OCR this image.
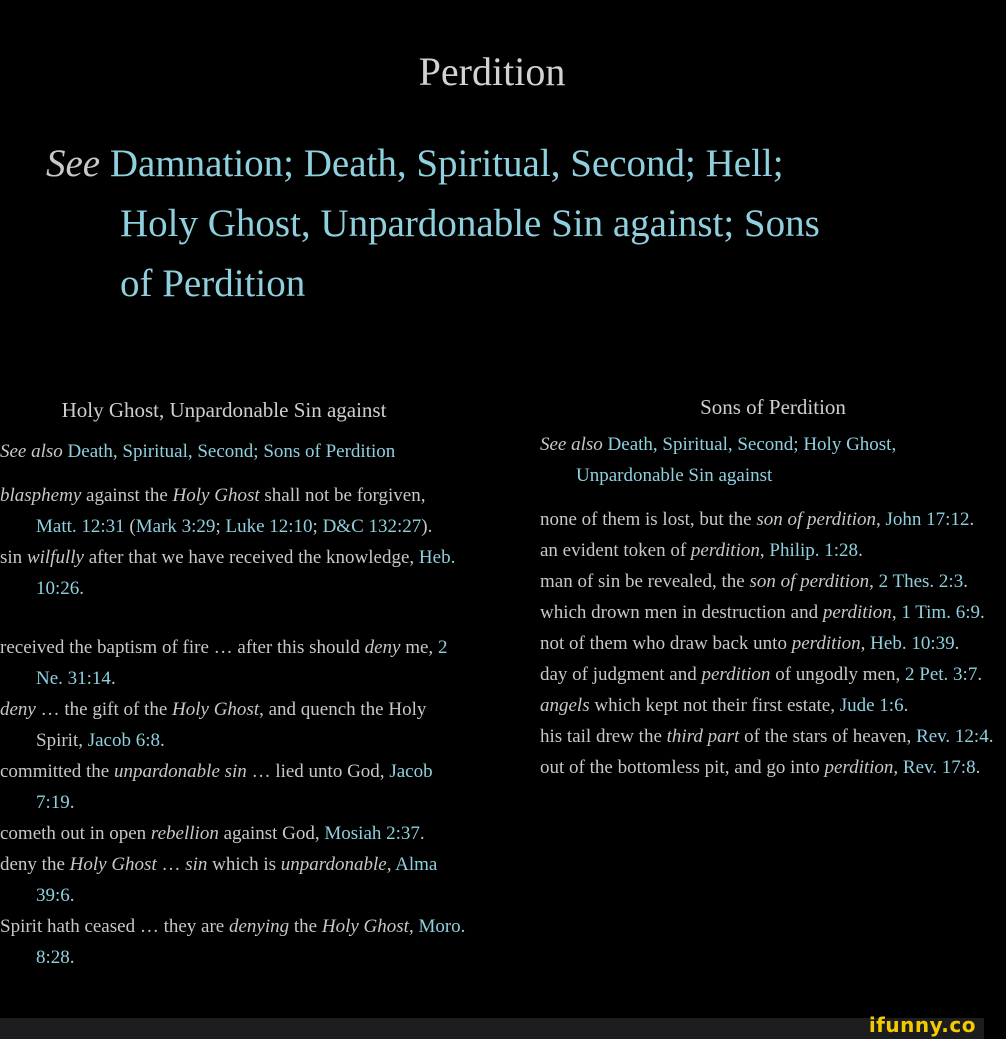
Perdition
See Damnation; Death, Spiritual, Second; Hell;
Holy Ghost, Unpardonable Sin against; Sons
of Perdition
Holy Ghost, Unpardonable Sin against
See also Death, Spiritual, Second; Sons of Perdition
blasphemy against the Holy Ghost shall not be forgiven, Matt. 12:31 (Mark 3:29; Luke 12:10; D&C 132:27).
sin wilfully after that we have received the knowledge, Heb. 10:26.
received the baptism of fire … after this should deny me, 2 Ne. 31:14.
deny … the gift of the Holy Ghost, and quench the Holy Spirit, Jacob 6:8.
committed the unpardonable sin … lied unto God, Jacob 7:19.
cometh out in open rebellion against God, Mosiah 2:37.
deny the Holy Ghost … sin which is unpardonable, Alma 39:6.
Spirit hath ceased … they are denying the Holy Ghost, Moro. 8:28.
Sons of Perdition
See also Death, Spiritual, Second; Holy Ghost, Unpardonable Sin against
none of them is lost, but the son of perdition, John 17:12.
an evident token of perdition, Philip. 1:28.
man of sin be revealed, the son of perdition, 2 Thes. 2:3.
which drown men in destruction and perdition, 1 Tim. 6:9.
not of them who draw back unto perdition, Heb. 10:39.
day of judgment and perdition of ungodly men, 2 Pet. 3:7.
angels which kept not their first estate, Jude 1:6.
his tail drew the third part of the stars of heaven, Rev. 12:4.
out of the bottomless pit, and go into perdition, Rev. 17:8.
ifunny.co
